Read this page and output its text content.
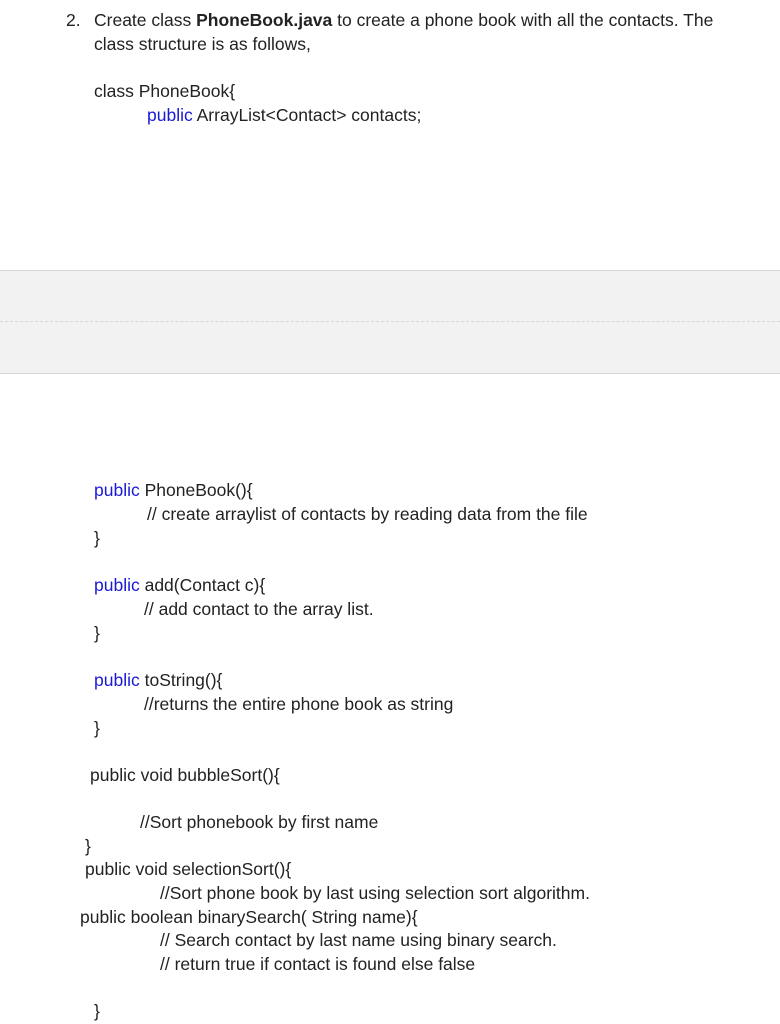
2. Create class PhoneBook.java to create a phone book with all the contacts. The
class structure is as follows,
class PhoneBook{
public ArrayList<Contact> contacts;
public PhoneBook(){
// create arraylist of contacts by reading data from the file
}
public add(Contact c){
// add contact to the array list.
}
public toString(){
//returns the entire phone book as string
}
public void bubbleSort(){
//Sort phonebook by first name
}
public void selectionSort(){
//Sort phone book by last using selection sort algorithm.
public boolean binarySearch( String name){
// Search contact by last name using binary search.
// return true if contact is found else false
}
